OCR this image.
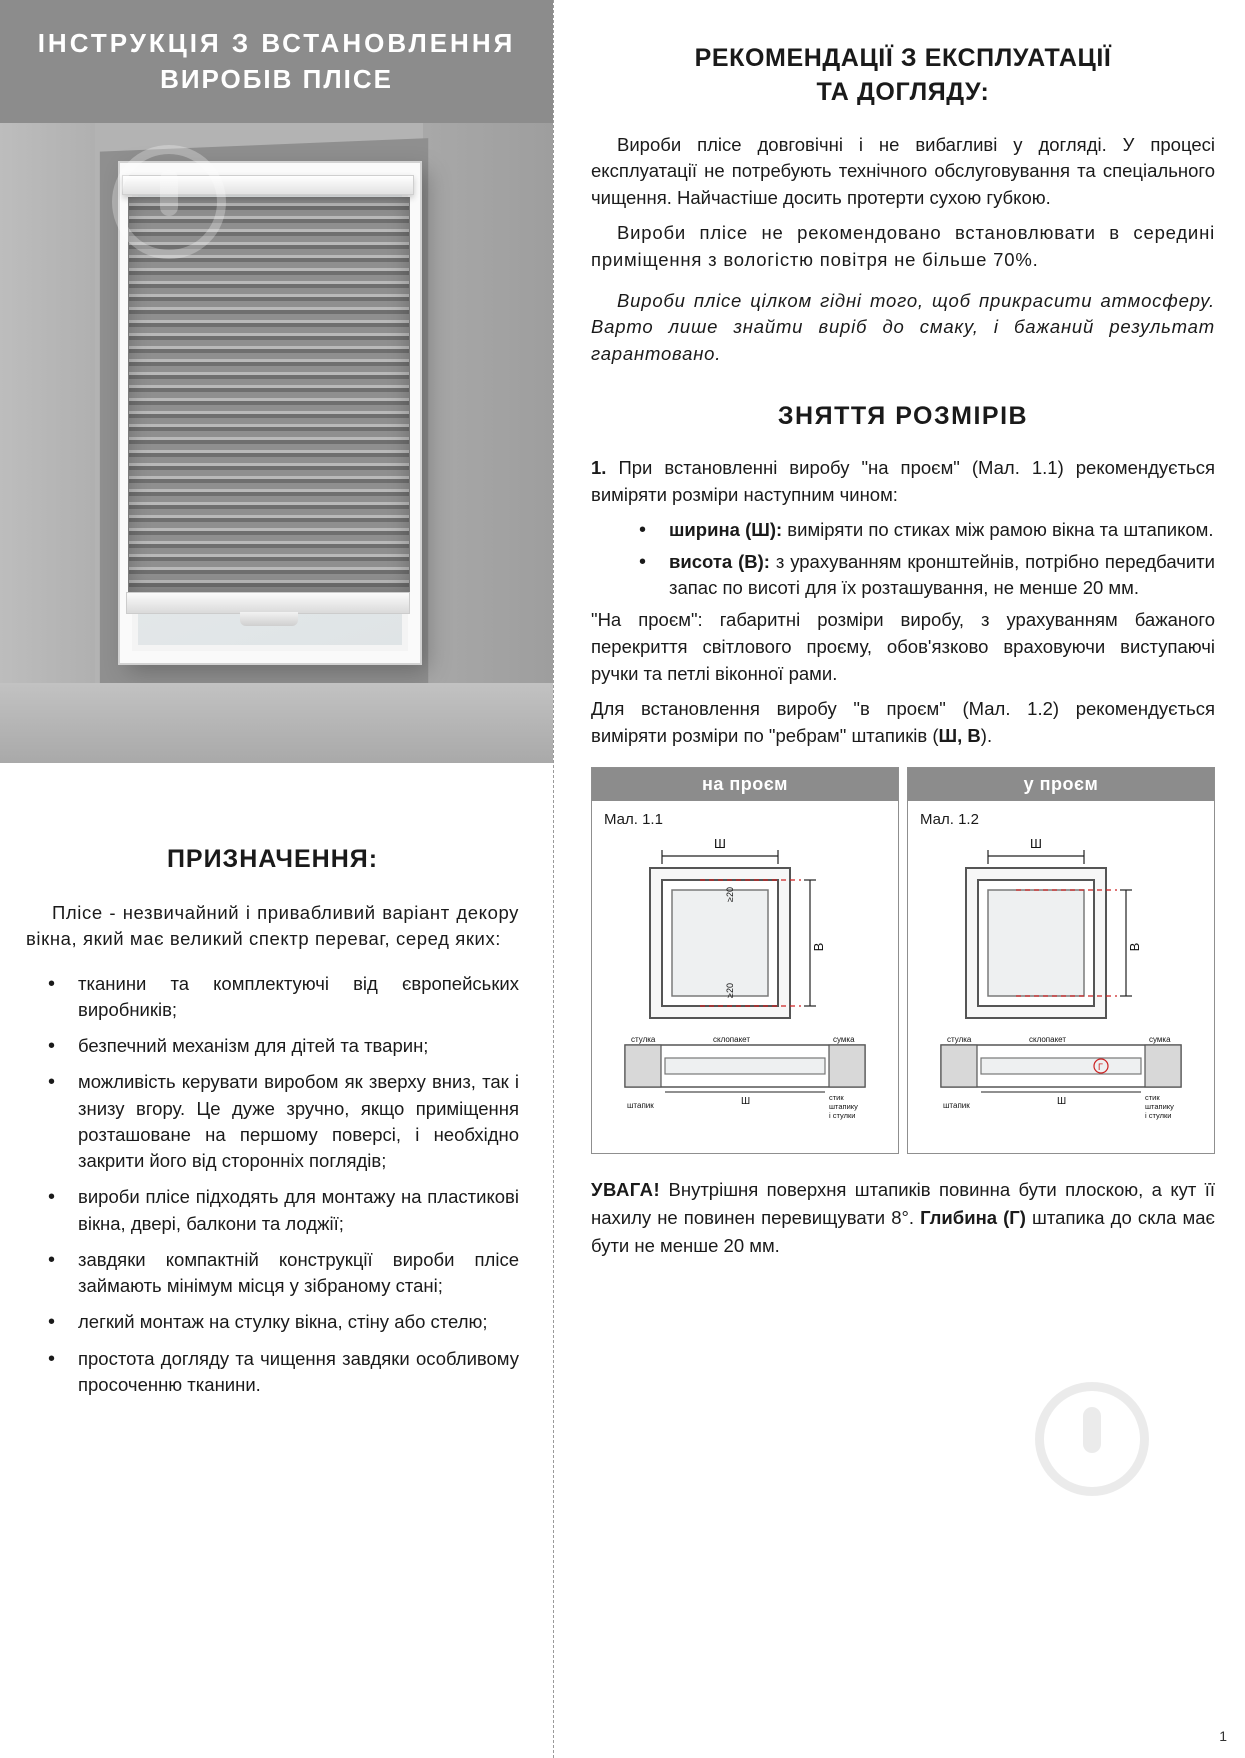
ІНСТРУКЦІЯ З ВСТАНОВЛЕННЯ
ВИРОБІВ ПЛІСЕ
ПРИЗНАЧЕННЯ:

Пліcе - незвичайний і привабливий варіант декору вікна, який має великий спектр переваг, серед яких:

• тканини та комплектуючі від європейських виробників;
• безпечний механізм для дітей та тварин;
• можливість керувати виробом як зверху вниз, так і знизу вгору. Це дуже зручно, якщо приміщення розташоване на першому поверсі, і необхідно закрити його від сторонніх поглядів;
• вироби пліcе підходять для монтажу на пластикові вікна, двері, балкони та лоджії;
• завдяки компактній конструкції вироби пліcе займають мінімум місця у зібраному стані;
• легкий монтаж на стулку вікна, стіну або стелю;
• простота догляду та чищення завдяки особливому просоченню тканини.
РЕКОМЕНДАЦІЇ З ЕКСПЛУАТАЦІЇ
ТА ДОГЛЯДУ:

Вироби пліcе довговічні і не вибагливі у догляді. У процесі експлуатації не потребують технічного обслуговування та спеціального чищення. Найчастіше досить протерти сухою губкою.

Вироби пліcе не рекомендовано встановлювати в середині приміщення з вологістю повітря не більше 70%.

Вироби пліcе цілком гідні того, щоб прикрасити атмосферу. Варто лише знайти виріб до смаку, і бажаний результат гарантовано.

ЗНЯТТЯ РОЗМІРІВ

1. При встановленні виробу "на проєм" (Мал. 1.1) рекомендується виміряти розміри наступним чином:

• ширина (Ш): виміряти по стиках між рамою вікна та штапиком.
• висота (В): з урахуванням кронштейнів, потрібно передбачити запас по висоті для їх розташування, не менше 20 мм.

"На проєм": габаритні розміри виробу, з урахуванням бажаного перекриття світлового проєму, обов'язково враховуючи виступаючі ручки та петлі віконної рами.

Для встановлення виробу "в проєм" (Мал. 1.2) рекомендується виміряти розміри по "ребрам" штапиків (Ш, В).

на проєм
Мал. 1.1
Ш
В
≥20
≥20
стулка	склопакет	сумка
штапик	Ш	стик
штапику
і стулки
у проєм
Мал. 1.2
Ш
В
стулка	склопакет	сумка
Г
штапик	Ш	стик
штапику
і стулки
УВАГА! Внутрішня поверхня штапиків повинна бути плоскою, а кут її нахилу не повинен перевищувати 8°. Глибина (Г) штапика до скла має бути не менше 20 мм.
1
